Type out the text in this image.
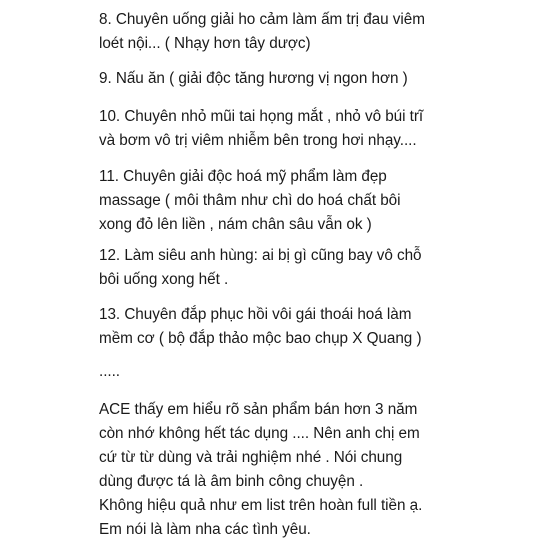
8. Chuyên uống giải ho cảm làm ấm trị đau viêm
loét nội... ( Nhạy hơn tây dược)

9. Nấu ăn ( giải độc tăng hương vị ngon hơn )

10. Chuyên nhỏ mũi tai họng mắt , nhỏ vô búi trĩ
và bơm vô trị viêm nhiễm bên trong hơi nhạy....

11. Chuyên giải độc hoá mỹ phẩm làm đẹp
massage ( môi thâm như chì do hoá chất bôi
xong đỏ lên liền , nám chân sâu vẫn ok )

12. Làm siêu anh hùng: ai bị gì cũng bay vô chỗ
bôi uống xong hết .

13. Chuyên đắp phục hồi vôi gái thoái hoá làm
mềm cơ ( bộ đắp thảo mộc bao chụp X Quang )

.....

ACE thấy em hiểu rõ sản phẩm bán hơn 3 năm
còn nhớ không hết tác dụng .... Nên anh chị em
cứ từ từ dùng và trải nghiệm nhé . Nói chung
dùng được tá là âm binh công chuyện .

Không hiệu quả như em list trên hoàn full tiền ạ.
Em nói là làm nha các tình yêu.
